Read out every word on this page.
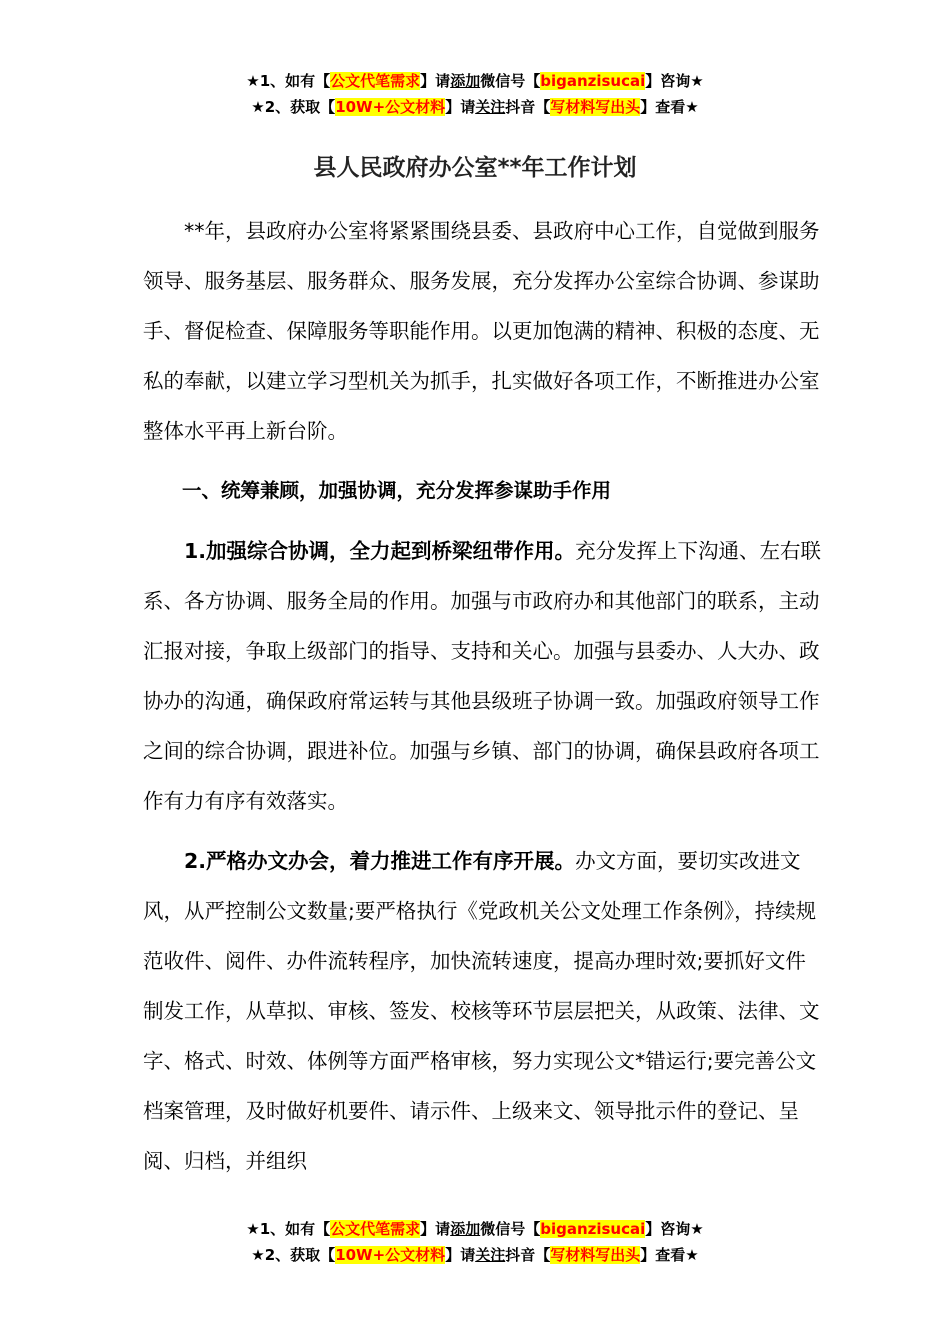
★1、如有【公文代笔需求】请添加微信号【biganzisucai】咨询★
★2、获取【10W+公文材料】请关注抖音【写材料写出头】查看★
县人民政府办公室**年工作计划

**年，县政府办公室将紧紧围绕县委、县政府中心工作，自觉做到服务领导、服务基层、服务群众、服务发展，充分发挥办公室综合协调、参谋助手、督促检查、保障服务等职能作用。以更加饱满的精神、积极的态度、无私的奉献，以建立学习型机关为抓手，扎实做好各项工作，不断推进办公室整体水平再上新台阶。

一、统筹兼顾，加强协调，充分发挥参谋助手作用

1.加强综合协调，全力起到桥梁纽带作用。充分发挥上下沟通、左右联系、各方协调、服务全局的作用。加强与市政府办和其他部门的联系，主动汇报对接，争取上级部门的指导、支持和关心。加强与县委办、人大办、政协办的沟通，确保政府常运转与其他县级班子协调一致。加强政府领导工作之间的综合协调，跟进补位。加强与乡镇、部门的协调，确保县政府各项工作有力有序有效落实。

2.严格办文办会，着力推进工作有序开展。办文方面，要切实改进文风，从严控制公文数量;要严格执行《党政机关公文处理工作条例》，持续规范收件、阅件、办件流转程序，加快流转速度，提高办理时效;要抓好文件制发工作，从草拟、审核、签发、校核等环节层层把关，从政策、法律、文字、格式、时效、体例等方面严格审核，努力实现公文*错运行;要完善公文档案管理，及时做好机要件、请示件、上级来文、领导批示件的登记、呈阅、归档，并组织

★1、如有【公文代笔需求】请添加微信号【biganzisucai】咨询★
★2、获取【10W+公文材料】请关注抖音【写材料写出头】查看★
